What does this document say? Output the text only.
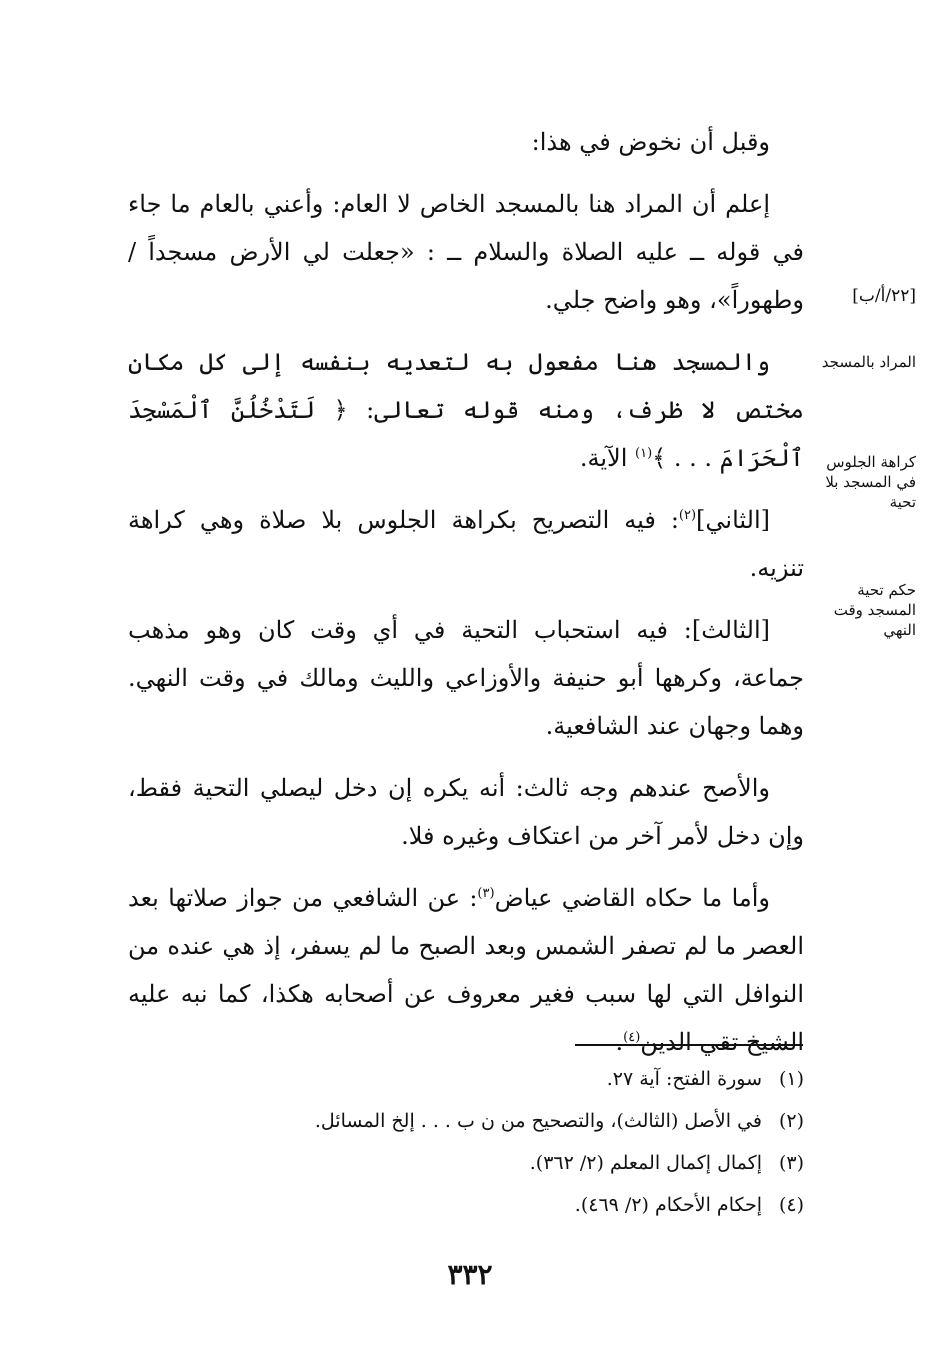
[٢٢/أ/ب]
المراد بالمسجد
كراهة الجلوس في المسجد بلا تحية
حكم تحية المسجد وقت النهي

وقبل أن نخوض في هذا:

إعلم أن المراد هنا بالمسجد الخاص لا العام: وأعني بالعام ما جاء في قوله ــ عليه الصلاة والسلام ــ : «جعلت لي الأرض مسجداً / وطهوراً»، وهو واضح جلي.

والمسجد هنا مفعول به لتعديه بنفسه إلى كل مكان مختص لا ظرف، ومنه قوله تعالى: ﴿ لَتَدْخُلُنَّ ٱلْمَسْجِدَ ٱلْحَرَامَ . . . ﴾$^{(١)}$ الآية.

[الثاني]$^{(٢)}$: فيه التصريح بكراهة الجلوس بلا صلاة وهي كراهة تنزيه.

[الثالث]: فيه استحباب التحية في أي وقت كان وهو مذهب جماعة، وكرهها أبو حنيفة والأوزاعي والليث ومالك في وقت النهي. وهما وجهان عند الشافعية.

والأصح عندهم وجه ثالث: أنه يكره إن دخل ليصلي التحية فقط، وإن دخل لأمر آخر من اعتكاف وغيره فلا.

وأما ما حكاه القاضي عياض$^{(٣)}$: عن الشافعي من جواز صلاتها بعد العصر ما لم تصفر الشمس وبعد الصبح ما لم يسفر، إذ هي عنده من النوافل التي لها سبب فغير معروف عن أصحابه هكذا، كما نبه عليه الشيخ تقي الدين$^{(٤)}$.

(١)سورة الفتح: آية ٢٧.
(٢)في الأصل (الثالث)، والتصحيح من ن ب . . . إلخ المسائل.
(٣)إكمال إكمال المعلم (٢/ ٣٦٢).
(٤)إحكام الأحكام (٢/ ٤٦٩).
٣٣٢
